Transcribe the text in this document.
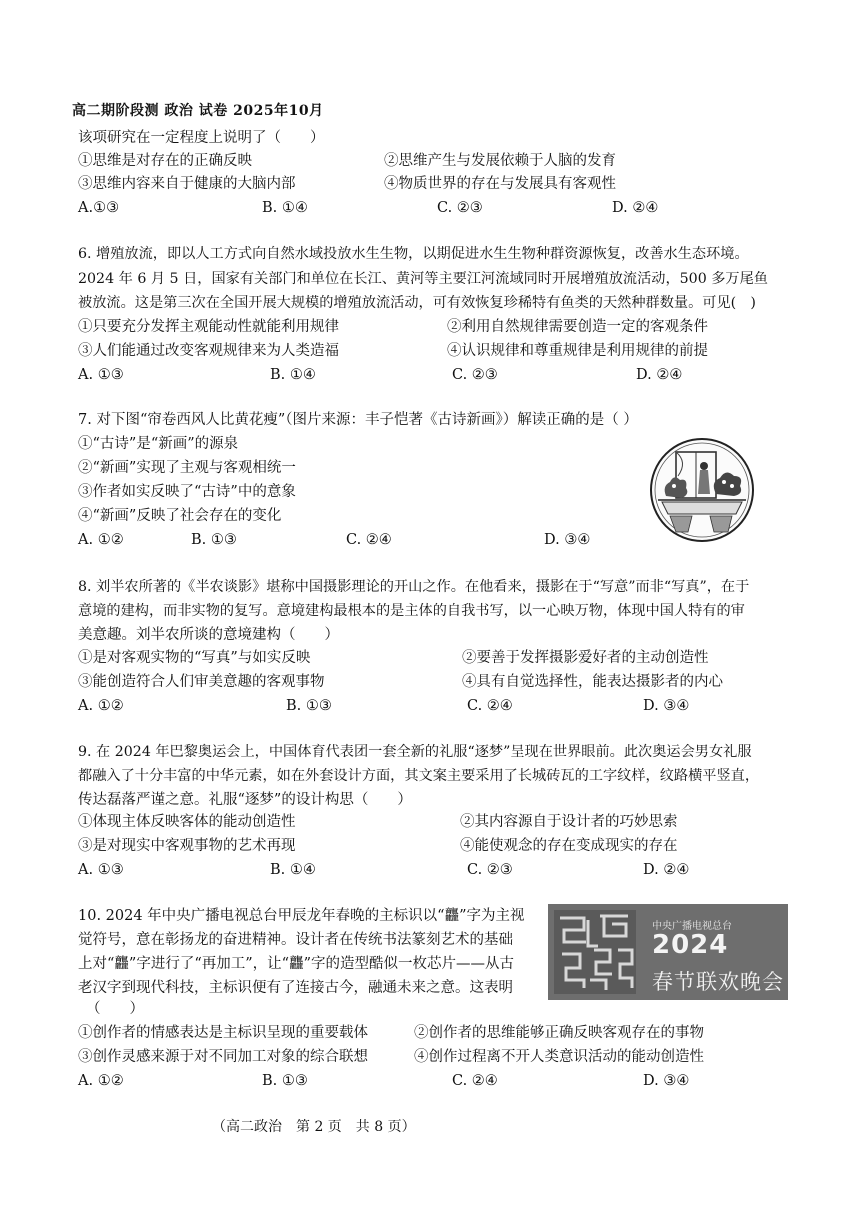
高二期阶段测 政治 试卷 2025年10月
该项研究在一定程度上说明了（　　）
①思维是对存在的正确反映	②思维产生与发展依赖于人脑的发育
③思维内容来自于健康的大脑内部	④物质世界的存在与发展具有客观性
A.①③	B. ①④	C. ②③	D. ②④
6. 增殖放流，即以人工方式向自然水域投放水生生物，以期促进水生生物种群资源恢复，改善水生态环境。
2024 年 6 月 5 日，国家有关部门和单位在长江、黄河等主要江河流域同时开展增殖放流活动，500 多万尾鱼
被放流。这是第三次在全国开展大规模的增殖放流活动，可有效恢复珍稀特有鱼类的天然种群数量。可见(　)
①只要充分发挥主观能动性就能利用规律	②利用自然规律需要创造一定的客观条件
③人们能通过改变客观规律来为人类造福	④认识规律和尊重规律是利用规律的前提
A. ①③	B. ①④	C. ②③	D. ②④
7. 对下图“帘卷西风人比黄花瘦”（图片来源：丰子恺著《古诗新画》）解读正确的是（ ）
①“古诗”是“新画”的源泉
②“新画”实现了主观与客观相统一
③作者如实反映了“古诗”中的意象
④“新画”反映了社会存在的变化
A. ①②	B. ①③	C. ②④	D. ③④
8. 刘半农所著的《半农谈影》堪称中国摄影理论的开山之作。在他看来，摄影在于“写意”而非“写真”，在于
意境的建构，而非实物的复写。意境建构最根本的是主体的自我书写，以一心映万物，体现中国人特有的审
美意趣。刘半农所谈的意境建构（　　）
①是对客观实物的“写真”与如实反映	②要善于发挥摄影爱好者的主动创造性
③能创造符合人们审美意趣的客观事物	④具有自觉选择性，能表达摄影者的内心
A. ①②	B. ①③	C. ②④	D. ③④
9. 在 2024 年巴黎奥运会上，中国体育代表团一套全新的礼服“逐梦”呈现在世界眼前。此次奥运会男女礼服
都融入了十分丰富的中华元素，如在外套设计方面，其文案主要采用了长城砖瓦的工字纹样，纹路横平竖直，
传达磊落严谨之意。礼服“逐梦”的设计构思（　　）
①体现主体反映客体的能动创造性	②其内容源自于设计者的巧妙思索
③是对现实中客观事物的艺术再现	④能使观念的存在变成现实的存在
A. ①③	B. ①④	C. ②③	D. ②④
10. 2024 年中央广播电视总台甲辰龙年春晚的主标识以“龘”字为主视
觉符号，意在彰扬龙的奋进精神。设计者在传统书法篆刻艺术的基础
上对“龘”字进行了“再加工”，让“龘”字的造型酷似一枚芯片——从古
老汉字到现代科技，主标识便有了连接古今，融通未来之意。这表明
（　　）
①创作者的情感表达是主标识呈现的重要载体	②创作者的思维能够正确反映客观存在的事物
③创作灵感来源于对不同加工对象的综合联想	④创作过程离不开人类意识活动的能动创造性
A. ①②	B. ①③	C. ②④	D. ③④
中央广播电视总台
2024
春节联欢晚会
（高二政治　第 2 页　共 8 页）
